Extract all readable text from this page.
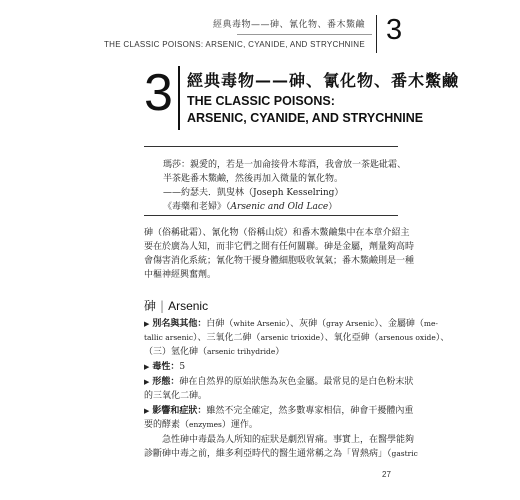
經典毒物——砷、氰化物、番木鱉鹼
THE CLASSIC POISONS: ARSENIC, CYANIDE, AND STRYCHNINE 3
3 經典毒物——砷、氰化物、番木鱉鹼
THE CLASSIC POISONS:
ARSENIC, CYANIDE, AND STRYCHNINE
瑪莎：親愛的，若是一加侖接骨木莓酒，我會放一茶匙砒霜、
半茶匙番木鱉鹼，然後再加入微量的氰化物。
——約瑟夫．凱叟林（Joseph Kesselring）
《毒藥和老婦》（Arsenic and Old Lace）
砷（俗稱砒霜）、氰化物（俗稱山烷）和番木鱉鹼集中在本章介紹主
要在於廣為人知，而非它們之間有任何關聯。砷是金屬，劑量夠高時
會傷害消化系統；氰化物干擾身體細胞吸收氧氣；番木鱉鹼則是一種
中樞神經興奮劑。
砷 | Arsenic
▶ 別名與其他：白砷（white Arsenic）、灰砷（gray Arsenic）、金屬砷（me-
tallic arsenic）、三氧化二砷（arsenic trioxide）、氧化亞砷（arsenous oxide）、
（三）氫化砷（arsenic trihydride）
▶ 毒性：5
▶ 形態：砷在自然界的原始狀態為灰色金屬。最常見的是白色粉末狀
的三氧化二砷。
▶ 影響和症狀：雖然不完全確定，然多數專家相信，砷會干擾體內重
要的酵素（enzymes）運作。
急性砷中毒最為人所知的症狀是劇烈胃痛。事實上，在醫學能夠
診斷砷中毒之前，維多利亞時代的醫生通常稱之為「胃熱病」（gastric
27
